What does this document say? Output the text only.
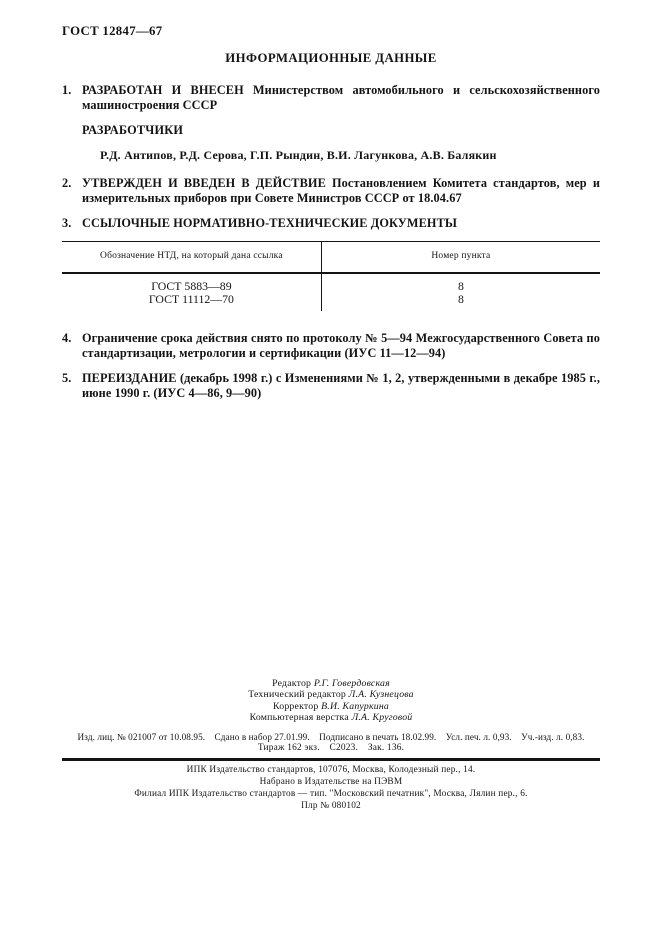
ГОСТ 12847—67
ИНФОРМАЦИОННЫЕ ДАННЫЕ

1. РАЗРАБОТАН И ВНЕСЕН Министерством автомобильного и сельскохозяйственного машиностроения СССР

РАЗРАБОТЧИКИ

Р.Д. Антипов, Р.Д. Серова, Г.П. Рындин, В.И. Лагункова, А.В. Балякин

2. УТВЕРЖДЕН И ВВЕДЕН В ДЕЙСТВИЕ Постановлением Комитета стандартов, мер и измерительных приборов при Совете Министров СССР от 18.04.67

3. ССЫЛОЧНЫЕ НОРМАТИВНО-ТЕХНИЧЕСКИЕ ДОКУМЕНТЫ

Обозначение НТД, на который дана ссылка	Номер пункта
ГОСТ 5883—89	8
ГОСТ 11112—70	8

4. Ограничение срока действия снято по протоколу № 5—94 Межгосударственного Совета по стандартизации, метрологии и сертификации (ИУС 11—12—94)

5. ПЕРЕИЗДАНИЕ (декабрь 1998 г.) с Изменениями № 1, 2, утвержденными в декабре 1985 г., июне 1990 г. (ИУС 4—86, 9—90)

Редактор Р.Г. Говердовская
Технический редактор Л.А. Кузнецова
Корректор В.И. Капуркина
Компьютерная верстка Л.А. Круговой
Изд. лиц. № 021007 от 10.08.95.  Сдано в набор 27.01.99.  Подписано в печать 18.02.99.  Усл. печ. л. 0,93.  Уч.-изд. л. 0,83.
Тираж 162 экз.  С2023.  Зак. 136.
ИПК Издательство стандартов, 107076, Москва, Колодезный пер., 14.
Набрано в Издательстве на ПЭВМ
Филиал ИПК Издательство стандартов — тип. "Московский печатник", Москва, Лялин пер., 6.
Плр № 080102
